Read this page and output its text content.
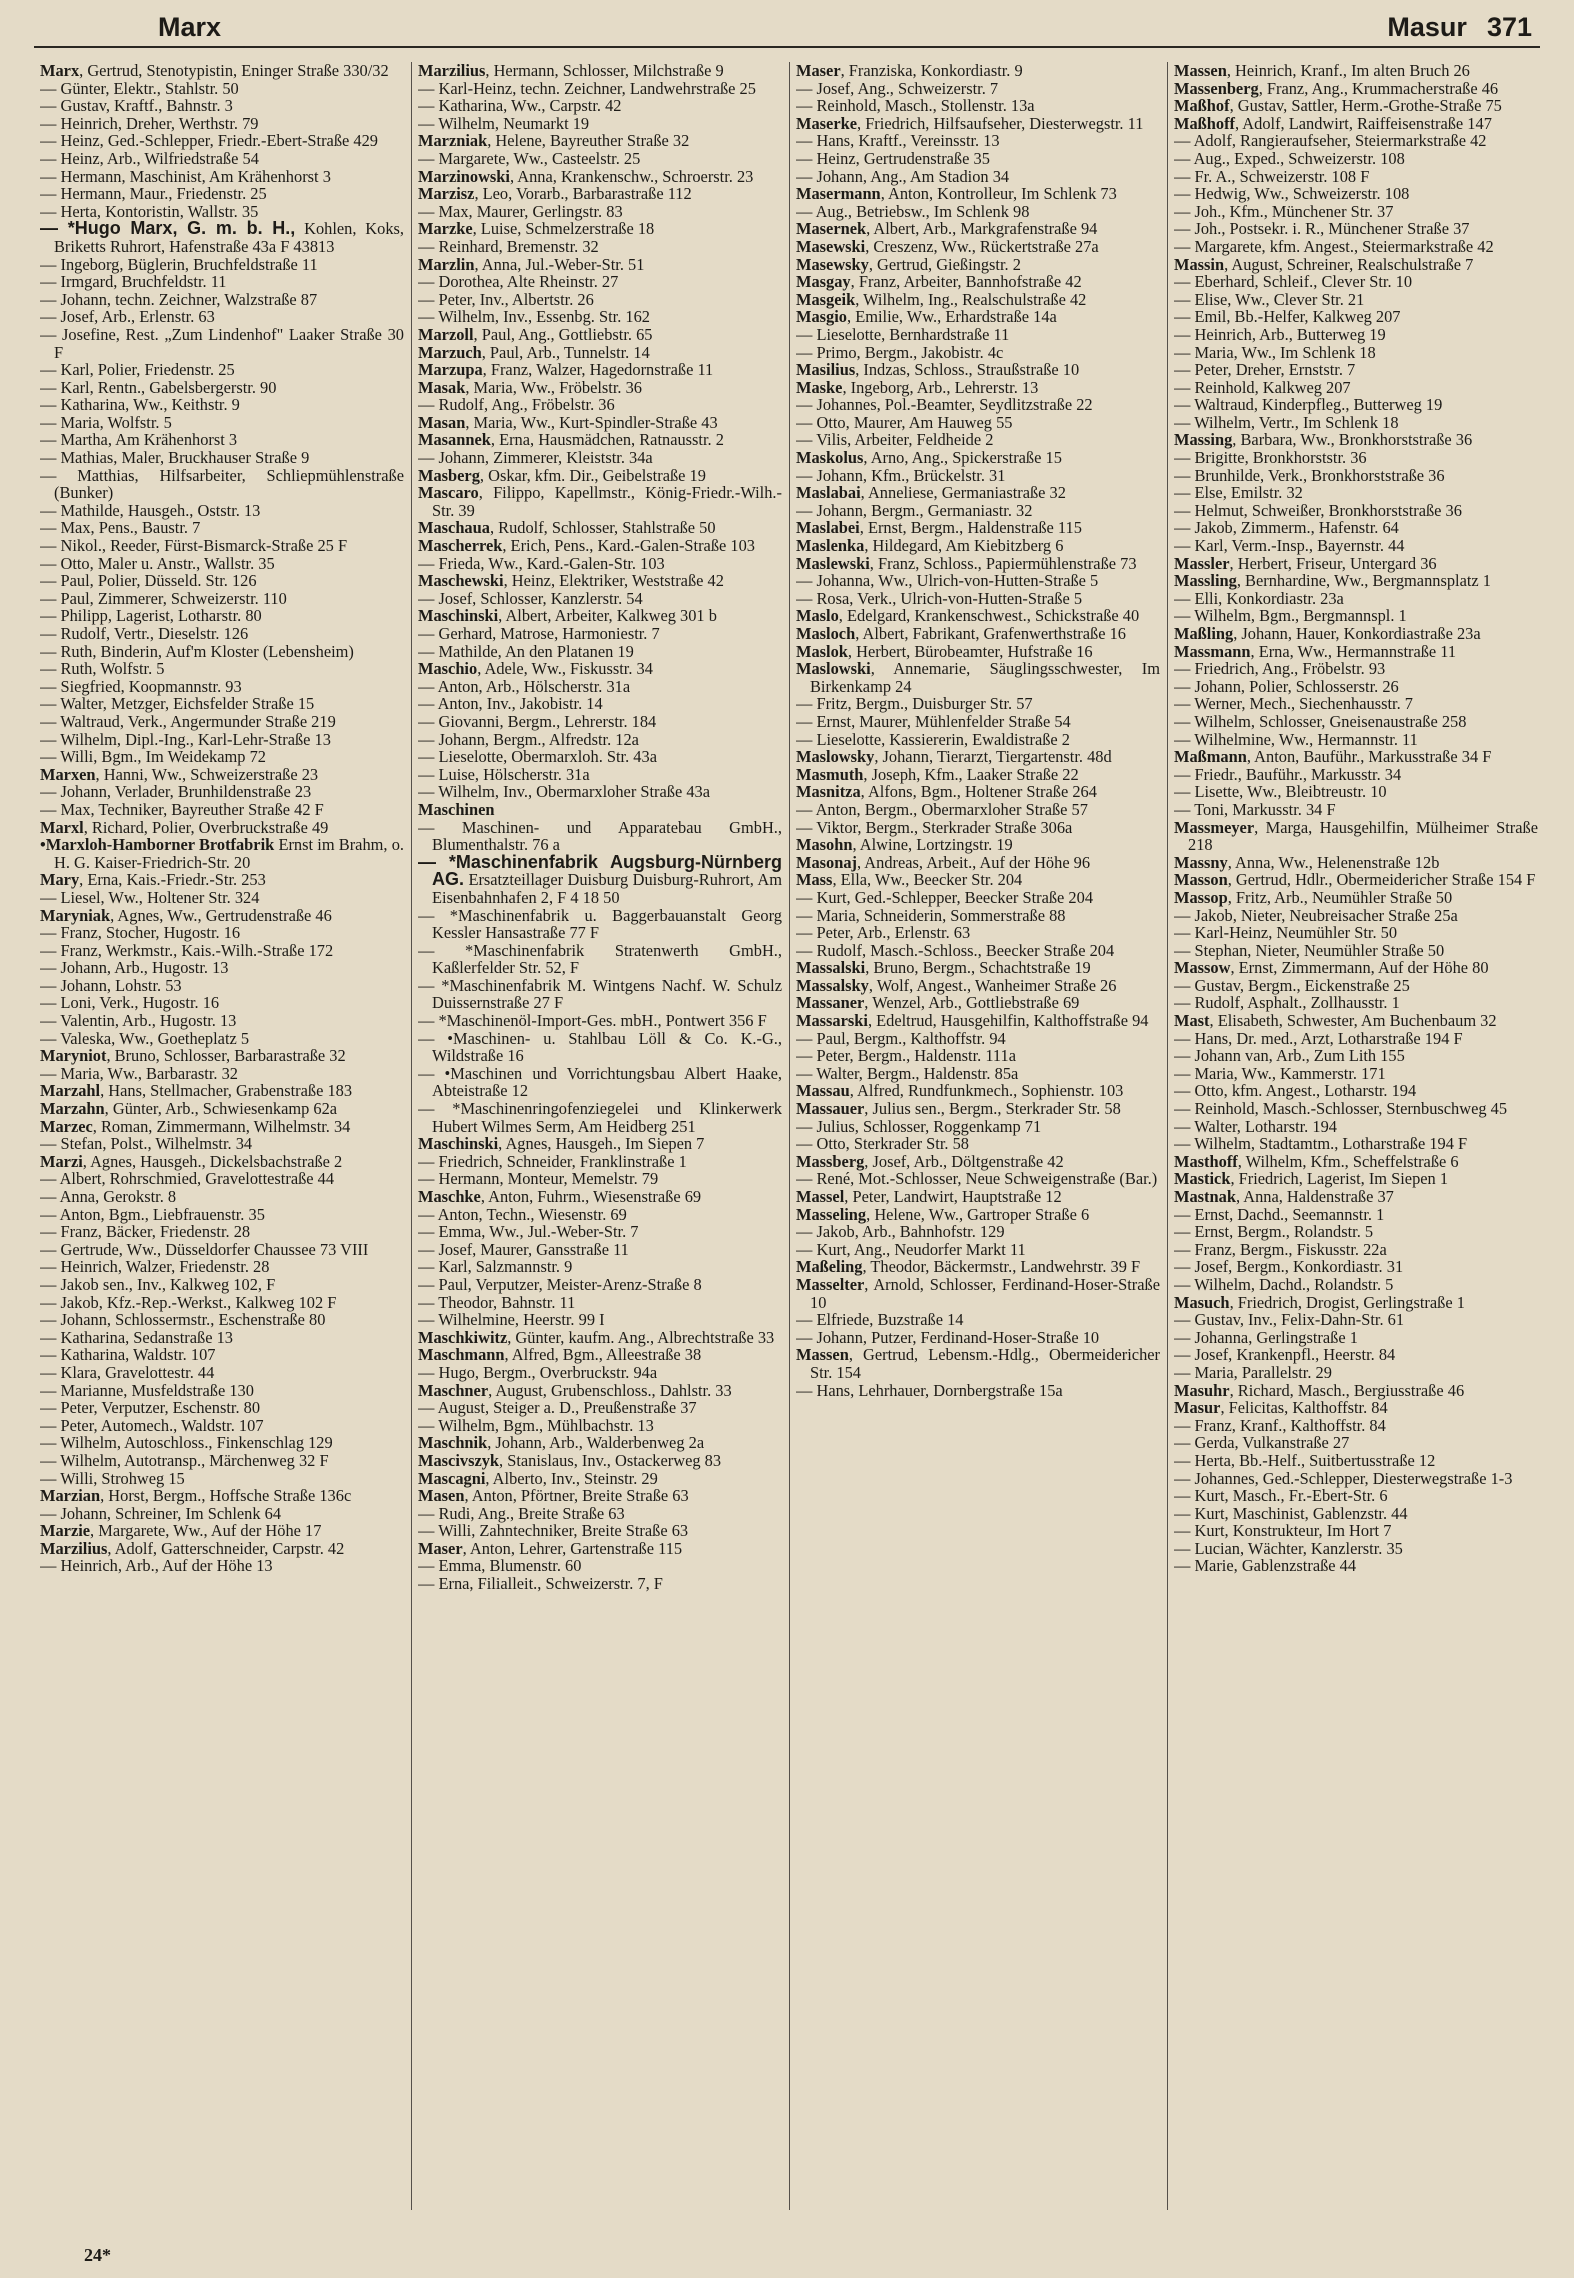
Marx	Masur 371
Marx, Gertrud, Stenotypistin, Eninger Straße 330/32
— Günter, Elektr., Stahlstr. 50
— Gustav, Kraftf., Bahnstr. 3
— Heinrich, Dreher, Werthstr. 79
— Heinz, Ged.-Schlepper, Friedr.-Ebert-Straße 429
— Heinz, Arb., Wilfriedstraße 54
— Hermann, Maschinist, Am Krähenhorst 3
— Hermann, Maur., Friedenstr. 25
— Herta, Kontoristin, Wallstr. 35
— *Hugo Marx, G. m. b. H., Kohlen, Koks, Briketts Ruhrort, Hafenstraße 43a F 43813
— Ingeborg, Büglerin, Bruchfeldstraße 11
— Irmgard, Bruchfeldstr. 11
— Johann, techn. Zeichner, Walzstraße 87
— Josef, Arb., Erlenstr. 63
— Josefine, Rest. „Zum Lindenhof" Laaker Straße 30 F
— Karl, Polier, Friedenstr. 25
— Karl, Rentn., Gabelsbergerstr. 90
— Katharina, Ww., Keithstr. 9
— Maria, Wolfstr. 5
— Martha, Am Krähenhorst 3
— Mathias, Maler, Bruckhauser Straße 9
— Matthias, Hilfsarbeiter, Schliepmühlenstraße (Bunker)
— Mathilde, Hausgeh., Oststr. 13
— Max, Pens., Baustr. 7
— Nikol., Reeder, Fürst-Bismarck-Straße 25 F
— Otto, Maler u. Anstr., Wallstr. 35
— Paul, Polier, Düsseld. Str. 126
— Paul, Zimmerer, Schweizerstr. 110
— Philipp, Lagerist, Lotharstr. 80
— Rudolf, Vertr., Dieselstr. 126
— Ruth, Binderin, Auf'm Kloster (Lebensheim)
— Ruth, Wolfstr. 5
— Siegfried, Koopmannstr. 93
— Walter, Metzger, Eichsfelder Straße 15
— Waltraud, Verk., Angermunder Straße 219
— Wilhelm, Dipl.-Ing., Karl-Lehr-Straße 13
— Willi, Bgm., Im Weidekamp 72
Marxen, Hanni, Ww., Schweizerstraße 23
— Johann, Verlader, Brunhildenstraße 23
— Max, Techniker, Bayreuther Straße 42 F
Marxl, Richard, Polier, Overbruckstraße 49
•Marxloh-Hamborner Brotfabrik Ernst im Brahm, o. H. G. Kaiser-Friedrich-Str. 20
Mary, Erna, Kais.-Friedr.-Str. 253
— Liesel, Ww., Holtener Str. 324
Maryniak, Agnes, Ww., Gertrudenstraße 46
— Franz, Stocher, Hugostr. 16
— Franz, Werkmstr., Kais.-Wilh.-Straße 172
— Johann, Arb., Hugostr. 13
— Johann, Lohstr. 53
— Loni, Verk., Hugostr. 16
— Valentin, Arb., Hugostr. 13
— Valeska, Ww., Goetheplatz 5
Maryniot, Bruno, Schlosser, Barbarastraße 32
— Maria, Ww., Barbarastr. 32
Marzahl, Hans, Stellmacher, Grabenstraße 183
Marzahn, Günter, Arb., Schwiesenkamp 62a
Marzec, Roman, Zimmermann, Wilhelmstr. 34
— Stefan, Polst., Wilhelmstr. 34
Marzi, Agnes, Hausgeh., Dickelsbachstraße 2
— Albert, Rohrschmied, Gravelottestraße 44
— Anna, Gerokstr. 8
— Anton, Bgm., Liebfrauenstr. 35
— Franz, Bäcker, Friedenstr. 28
— Gertrude, Ww., Düsseldorfer Chaussee 73 VIII
— Heinrich, Walzer, Friedenstr. 28
— Jakob sen., Inv., Kalkweg 102, F
— Jakob, Kfz.-Rep.-Werkst., Kalkweg 102 F
— Johann, Schlossermstr., Eschenstraße 80
— Katharina, Sedanstraße 13
— Katharina, Waldstr. 107
— Klara, Gravelottestr. 44
— Marianne, Musfeldstraße 130
— Peter, Verputzer, Eschenstr. 80
— Peter, Automech., Waldstr. 107
— Wilhelm, Autoschloss., Finkenschlag 129
— Wilhelm, Autotransp., Märchenweg 32 F
— Willi, Strohweg 15
Marzian, Horst, Bergm., Hoffsche Straße 136c
— Johann, Schreiner, Im Schlenk 64
Marzie, Margarete, Ww., Auf der Höhe 17
Marzilius, Adolf, Gatterschneider, Carpstr. 42
— Heinrich, Arb., Auf der Höhe 13
Marzilius, Hermann, Schlosser, Milchstraße 9
— Karl-Heinz, techn. Zeichner, Landwehrstraße 25
— Katharina, Ww., Carpstr. 42
— Wilhelm, Neumarkt 19
Marzniak, Helene, Bayreuther Straße 32
— Margarete, Ww., Casteelstr. 25
Marzinowski, Anna, Krankenschw., Schroerstr. 23
Marzisz, Leo, Vorarb., Barbarastraße 112
— Max, Maurer, Gerlingstr. 83
Marzke, Luise, Schmelzerstraße 18
— Reinhard, Bremenstr. 32
Marzlin, Anna, Jul.-Weber-Str. 51
— Dorothea, Alte Rheinstr. 27
— Peter, Inv., Albertstr. 26
— Wilhelm, Inv., Essenbg. Str. 162
Marzoll, Paul, Ang., Gottliebstr. 65
Marzuch, Paul, Arb., Tunnelstr. 14
Marzupa, Franz, Walzer, Hagedornstraße 11
Masak, Maria, Ww., Fröbelstr. 36
— Rudolf, Ang., Fröbelstr. 36
Masan, Maria, Ww., Kurt-Spindler-Straße 43
Masannek, Erna, Hausmädchen, Ratnausstr. 2
— Johann, Zimmerer, Kleiststr. 34a
Masberg, Oskar, kfm. Dir., Geibelstraße 19
Mascaro, Filippo, Kapellmstr., König-Friedr.-Wilh.-Str. 39
Maschaua, Rudolf, Schlosser, Stahlstraße 50
Mascherrek, Erich, Pens., Kard.-Galen-Straße 103
— Frieda, Ww., Kard.-Galen-Str. 103
Maschewski, Heinz, Elektriker, Weststraße 42
— Josef, Schlosser, Kanzlerstr. 54
Maschinski, Albert, Arbeiter, Kalkweg 301 b
— Gerhard, Matrose, Harmoniestr. 7
— Mathilde, An den Platanen 19
Maschio, Adele, Ww., Fiskusstr. 34
— Anton, Arb., Hölscherstr. 31a
— Anton, Inv., Jakobistr. 14
— Giovanni, Bergm., Lehrerstr. 184
— Johann, Bergm., Alfredstr. 12a
— Lieselotte, Obermarxloh. Str. 43a
— Luise, Hölscherstr. 31a
— Wilhelm, Inv., Obermarxloher Straße 43a
Maschinen
— Maschinen- und Apparatebau GmbH., Blumenthalstr. 76 a
— *Maschinenfabrik Augsburg-Nürnberg AG. Ersatzteillager Duisburg Duisburg-Ruhrort, Am Eisenbahnhafen 2, F 4 18 50
— *Maschinenfabrik u. Baggerbauanstalt Georg Kessler Hansastraße 77 F
— *Maschinenfabrik Stratenwerth GmbH., Kaßlerfelder Str. 52, F
— *Maschinenfabrik M. Wintgens Nachf. W. Schulz Duissernstraße 27 F
— *Maschinenöl-Import-Ges. mbH., Pontwert 356 F
— •Maschinen- u. Stahlbau Löll & Co. K.-G., Wildstraße 16
— •Maschinen und Vorrichtungsbau Albert Haake, Abteistraße 12
— *Maschinenringofenziegelei und Klinkerwerk Hubert Wilmes Serm, Am Heidberg 251
Maschinski, Agnes, Hausgeh., Im Siepen 7
— Friedrich, Schneider, Franklinstraße 1
— Hermann, Monteur, Memelstr. 79
Maschke, Anton, Fuhrm., Wiesenstraße 69
— Anton, Techn., Wiesenstr. 69
— Emma, Ww., Jul.-Weber-Str. 7
— Josef, Maurer, Gansstraße 11
— Karl, Salzmannstr. 9
— Paul, Verputzer, Meister-Arenz-Straße 8
— Theodor, Bahnstr. 11
— Wilhelmine, Heerstr. 99 I
Maschkiwitz, Günter, kaufm. Ang., Albrechtstraße 33
Maschmann, Alfred, Bgm., Alleestraße 38
— Hugo, Bergm., Overbruckstr. 94a
Maschner, August, Grubenschloss., Dahlstr. 33
— August, Steiger a. D., Preußenstraße 37
— Wilhelm, Bgm., Mühlbachstr. 13
Maschnik, Johann, Arb., Walderbenweg 2a
Mascivszyk, Stanislaus, Inv., Ostackerweg 83
Mascagni, Alberto, Inv., Steinstr. 29
Masen, Anton, Pförtner, Breite Straße 63
— Rudi, Ang., Breite Straße 63
— Willi, Zahntechniker, Breite Straße 63
Maser, Anton, Lehrer, Gartenstraße 115
— Emma, Blumenstr. 60
— Erna, Filialleit., Schweizerstr. 7, F
Maser, Franziska, Konkordiastr. 9
— Josef, Ang., Schweizerstr. 7
— Reinhold, Masch., Stollenstr. 13a
Maserke, Friedrich, Hilfsaufseher, Diesterwegstr. 11
— Hans, Kraftf., Vereinsstr. 13
— Heinz, Gertrudenstraße 35
— Johann, Ang., Am Stadion 34
Masermann, Anton, Kontrolleur, Im Schlenk 73
— Aug., Betriebsw., Im Schlenk 98
Masernek, Albert, Arb., Markgrafenstraße 94
Masewski, Creszenz, Ww., Rückertstraße 27a
Masewsky, Gertrud, Gießingstr. 2
Masgay, Franz, Arbeiter, Bannhofstraße 42
Masgeik, Wilhelm, Ing., Realschulstraße 42
Masgio, Emilie, Ww., Erhardstraße 14a
— Lieselotte, Bernhardstraße 11
— Primo, Bergm., Jakobistr. 4c
Masilius, Indzas, Schloss., Straußstraße 10
Maske, Ingeborg, Arb., Lehrerstr. 13
— Johannes, Pol.-Beamter, Seydlitzstraße 22
— Otto, Maurer, Am Hauweg 55
— Vilis, Arbeiter, Feldheide 2
Maskolus, Arno, Ang., Spickerstraße 15
— Johann, Kfm., Brückelstr. 31
Maslabai, Anneliese, Germaniastraße 32
— Johann, Bergm., Germaniastr. 32
Maslabei, Ernst, Bergm., Haldenstraße 115
Maslenka, Hildegard, Am Kiebitzberg 6
Maslewski, Franz, Schloss., Papiermühlenstraße 73
— Johanna, Ww., Ulrich-von-Hutten-Straße 5
— Rosa, Verk., Ulrich-von-Hutten-Straße 5
Maslo, Edelgard, Krankenschwest., Schickstraße 40
Masloch, Albert, Fabrikant, Grafenwerthstraße 16
Maslok, Herbert, Bürobeamter, Hufstraße 16
Maslowski, Annemarie, Säuglingsschwester, Im Birkenkamp 24
— Fritz, Bergm., Duisburger Str. 57
— Ernst, Maurer, Mühlenfelder Straße 54
— Lieselotte, Kassiererin, Ewaldistraße 2
Maslowsky, Johann, Tierarzt, Tiergartenstr. 48d
Masmuth, Joseph, Kfm., Laaker Straße 22
Masnitza, Alfons, Bgm., Holtener Straße 264
— Anton, Bergm., Obermarxloher Straße 57
— Viktor, Bergm., Sterkrader Straße 306a
Masohn, Alwine, Lortzingstr. 19
Masonaj, Andreas, Arbeit., Auf der Höhe 96
Mass, Ella, Ww., Beecker Str. 204
— Kurt, Ged.-Schlepper, Beecker Straße 204
— Maria, Schneiderin, Sommerstraße 88
— Peter, Arb., Erlenstr. 63
— Rudolf, Masch.-Schloss., Beecker Straße 204
Massalski, Bruno, Bergm., Schachtstraße 19
Massalsky, Wolf, Angest., Wanheimer Straße 26
Massaner, Wenzel, Arb., Gottliebstraße 69
Massarski, Edeltrud, Hausgehilfin, Kalthoffstraße 94
— Paul, Bergm., Kalthoffstr. 94
— Peter, Bergm., Haldenstr. 111a
— Walter, Bergm., Haldenstr. 85a
Massau, Alfred, Rundfunkmech., Sophienstr. 103
Massauer, Julius sen., Bergm., Sterkrader Str. 58
— Julius, Schlosser, Roggenkamp 71
— Otto, Sterkrader Str. 58
Massberg, Josef, Arb., Döltgenstraße 42
— René, Mot.-Schlosser, Neue Schweigenstraße (Bar.)
Massel, Peter, Landwirt, Hauptstraße 12
Masseling, Helene, Ww., Gartroper Straße 6
— Jakob, Arb., Bahnhofstr. 129
— Kurt, Ang., Neudorfer Markt 11
Maßeling, Theodor, Bäckermstr., Landwehrstr. 39 F
Masselter, Arnold, Schlosser, Ferdinand-Hoser-Straße 10
— Elfriede, Buzstraße 14
— Johann, Putzer, Ferdinand-Hoser-Straße 10
Massen, Gertrud, Lebensm.-Hdlg., Obermeidericher Str. 154
— Hans, Lehrhauer, Dornbergstraße 15a
Massen, Heinrich, Kranf., Im alten Bruch 26
Massenberg, Franz, Ang., Krummacherstraße 46
Maßhof, Gustav, Sattler, Herm.-Grothe-Straße 75
Maßhoff, Adolf, Landwirt, Raiffeisenstraße 147
— Adolf, Rangieraufseher, Steiermarkstraße 42
— Aug., Exped., Schweizerstr. 108
— Fr. A., Schweizerstr. 108 F
— Hedwig, Ww., Schweizerstr. 108
— Joh., Kfm., Münchener Str. 37
— Joh., Postsekr. i. R., Münchener Straße 37
— Margarete, kfm. Angest., Steiermarkstraße 42
Massin, August, Schreiner, Realschulstraße 7
— Eberhard, Schleif., Clever Str. 10
— Elise, Ww., Clever Str. 21
— Emil, Bb.-Helfer, Kalkweg 207
— Heinrich, Arb., Butterweg 19
— Maria, Ww., Im Schlenk 18
— Peter, Dreher, Ernststr. 7
— Reinhold, Kalkweg 207
— Waltraud, Kinderpfleg., Butterweg 19
— Wilhelm, Vertr., Im Schlenk 18
Massing, Barbara, Ww., Bronkhorststraße 36
— Brigitte, Bronkhorststr. 36
— Brunhilde, Verk., Bronkhorststraße 36
— Else, Emilstr. 32
— Helmut, Schweißer, Bronkhorststraße 36
— Jakob, Zimmerm., Hafenstr. 64
— Karl, Verm.-Insp., Bayernstr. 44
Massler, Herbert, Friseur, Untergard 36
Massling, Bernhardine, Ww., Bergmannsplatz 1
— Elli, Konkordiastr. 23a
— Wilhelm, Bgm., Bergmannspl. 1
Maßling, Johann, Hauer, Konkordiastraße 23a
Massmann, Erna, Ww., Hermannstraße 11
— Friedrich, Ang., Fröbelstr. 93
— Johann, Polier, Schlosserstr. 26
— Werner, Mech., Siechenhausstr. 7
— Wilhelm, Schlosser, Gneisenaustraße 258
— Wilhelmine, Ww., Hermannstr. 11
Maßmann, Anton, Bauführ., Markusstraße 34 F
— Friedr., Bauführ., Markusstr. 34
— Lisette, Ww., Bleibtreustr. 10
— Toni, Markusstr. 34 F
Massmeyer, Marga, Hausgehilfin, Mülheimer Straße 218
Massny, Anna, Ww., Helenenstraße 12b
Masson, Gertrud, Hdlr., Obermeidericher Straße 154 F
Massop, Fritz, Arb., Neumühler Straße 50
— Jakob, Nieter, Neubreisacher Straße 25a
— Karl-Heinz, Neumühler Str. 50
— Stephan, Nieter, Neumühler Straße 50
Massow, Ernst, Zimmermann, Auf der Höhe 80
— Gustav, Bergm., Eickenstraße 25
— Rudolf, Asphalt., Zollhausstr. 1
Mast, Elisabeth, Schwester, Am Buchenbaum 32
— Hans, Dr. med., Arzt, Lotharstraße 194 F
— Johann van, Arb., Zum Lith 155
— Maria, Ww., Kammerstr. 171
— Otto, kfm. Angest., Lotharstr. 194
— Reinhold, Masch.-Schlosser, Sternbuschweg 45
— Walter, Lotharstr. 194
— Wilhelm, Stadtamtm., Lotharstraße 194 F
Masthoff, Wilhelm, Kfm., Scheffelstraße 6
Mastick, Friedrich, Lagerist, Im Siepen 1
Mastnak, Anna, Haldenstraße 37
— Ernst, Dachd., Seemannstr. 1
— Ernst, Bergm., Rolandstr. 5
— Franz, Bergm., Fiskusstr. 22a
— Josef, Bergm., Konkordiastr. 31
— Wilhelm, Dachd., Rolandstr. 5
Masuch, Friedrich, Drogist, Gerlingstraße 1
— Gustav, Inv., Felix-Dahn-Str. 61
— Johanna, Gerlingstraße 1
— Josef, Krankenpfl., Heerstr. 84
— Maria, Parallelstr. 29
Masuhr, Richard, Masch., Bergiusstraße 46
Masur, Felicitas, Kalthoffstr. 84
— Franz, Kranf., Kalthoffstr. 84
— Gerda, Vulkanstraße 27
— Herta, Bb.-Helf., Suitbertusstraße 12
— Johannes, Ged.-Schlepper, Diesterwegstraße 1-3
— Kurt, Masch., Fr.-Ebert-Str. 6
— Kurt, Maschinist, Gablenzstr. 44
— Kurt, Konstrukteur, Im Hort 7
— Lucian, Wächter, Kanzlerstr. 35
— Marie, Gablenzstraße 44
24*
